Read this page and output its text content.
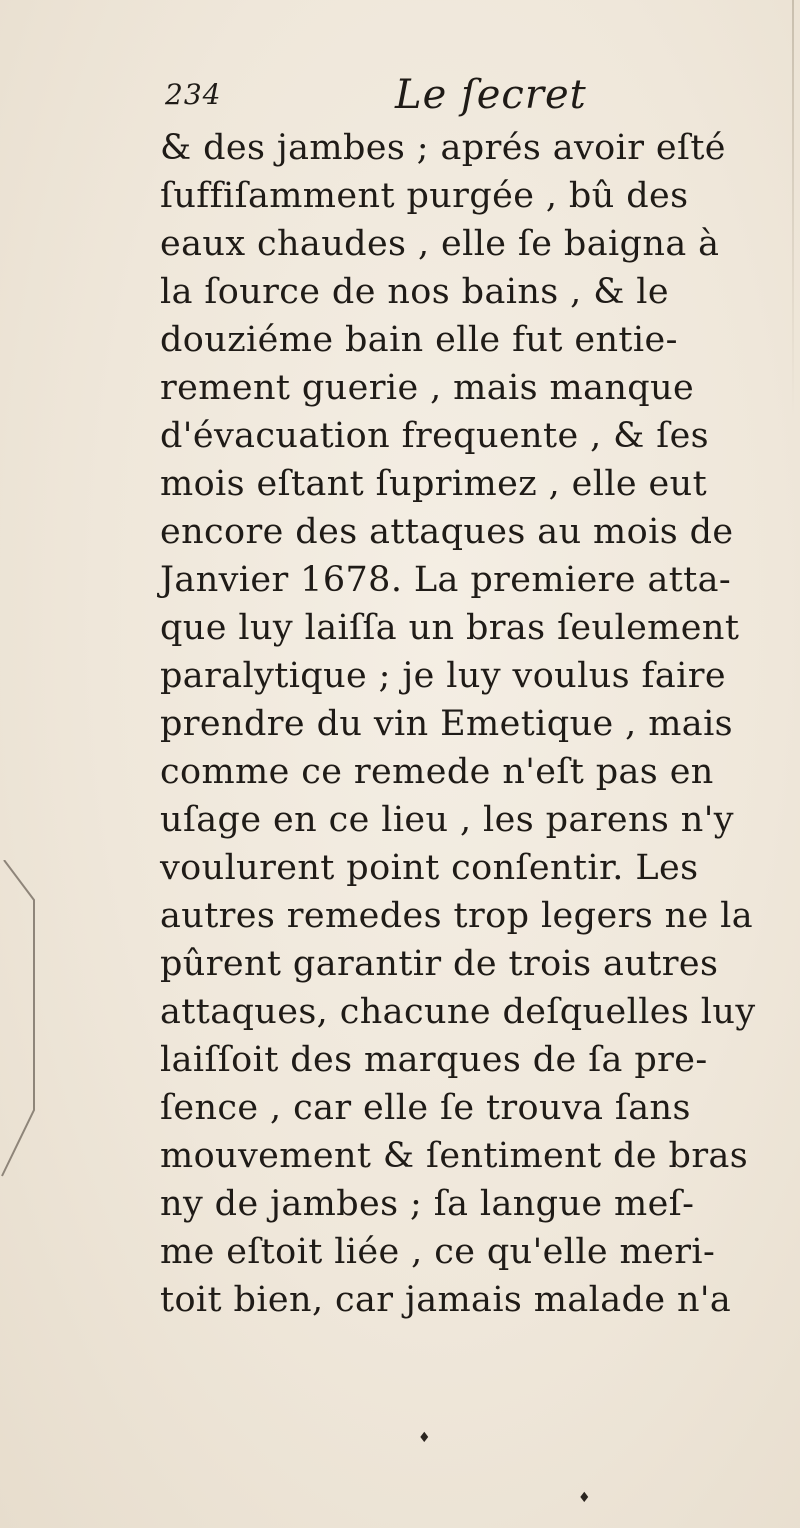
234	Le ſecret
& des jambes ; aprés avoir eſté
ſuffiſamment purgée , bû des
eaux chaudes , elle ſe baigna à
la ſource de nos bains , & le
douziéme bain elle fut entie-
rement guerie , mais manque
d'évacuation frequente , & ſes
mois eſtant ſuprimez , elle eut
encore des attaques au mois de
Janvier 1678. La premiere atta-
que luy laiſſa un bras ſeulement
paralytique ; je luy voulus faire
prendre du vin Emetique , mais
comme ce remede n'eſt pas en
uſage en ce lieu , les parens n'y
voulurent point conſentir. Les
autres remedes trop legers ne la
pûrent garantir de trois autres
attaques, chacune deſquelles luy
laiſſoit des marques de ſa pre-
ſence , car elle ſe trouva ſans
mouvement & ſentiment de bras
ny de jambes ; ſa langue meſ-
me eſtoit liée , ce qu'elle meri-
toit bien, car jamais malade n'a
♦
♦
